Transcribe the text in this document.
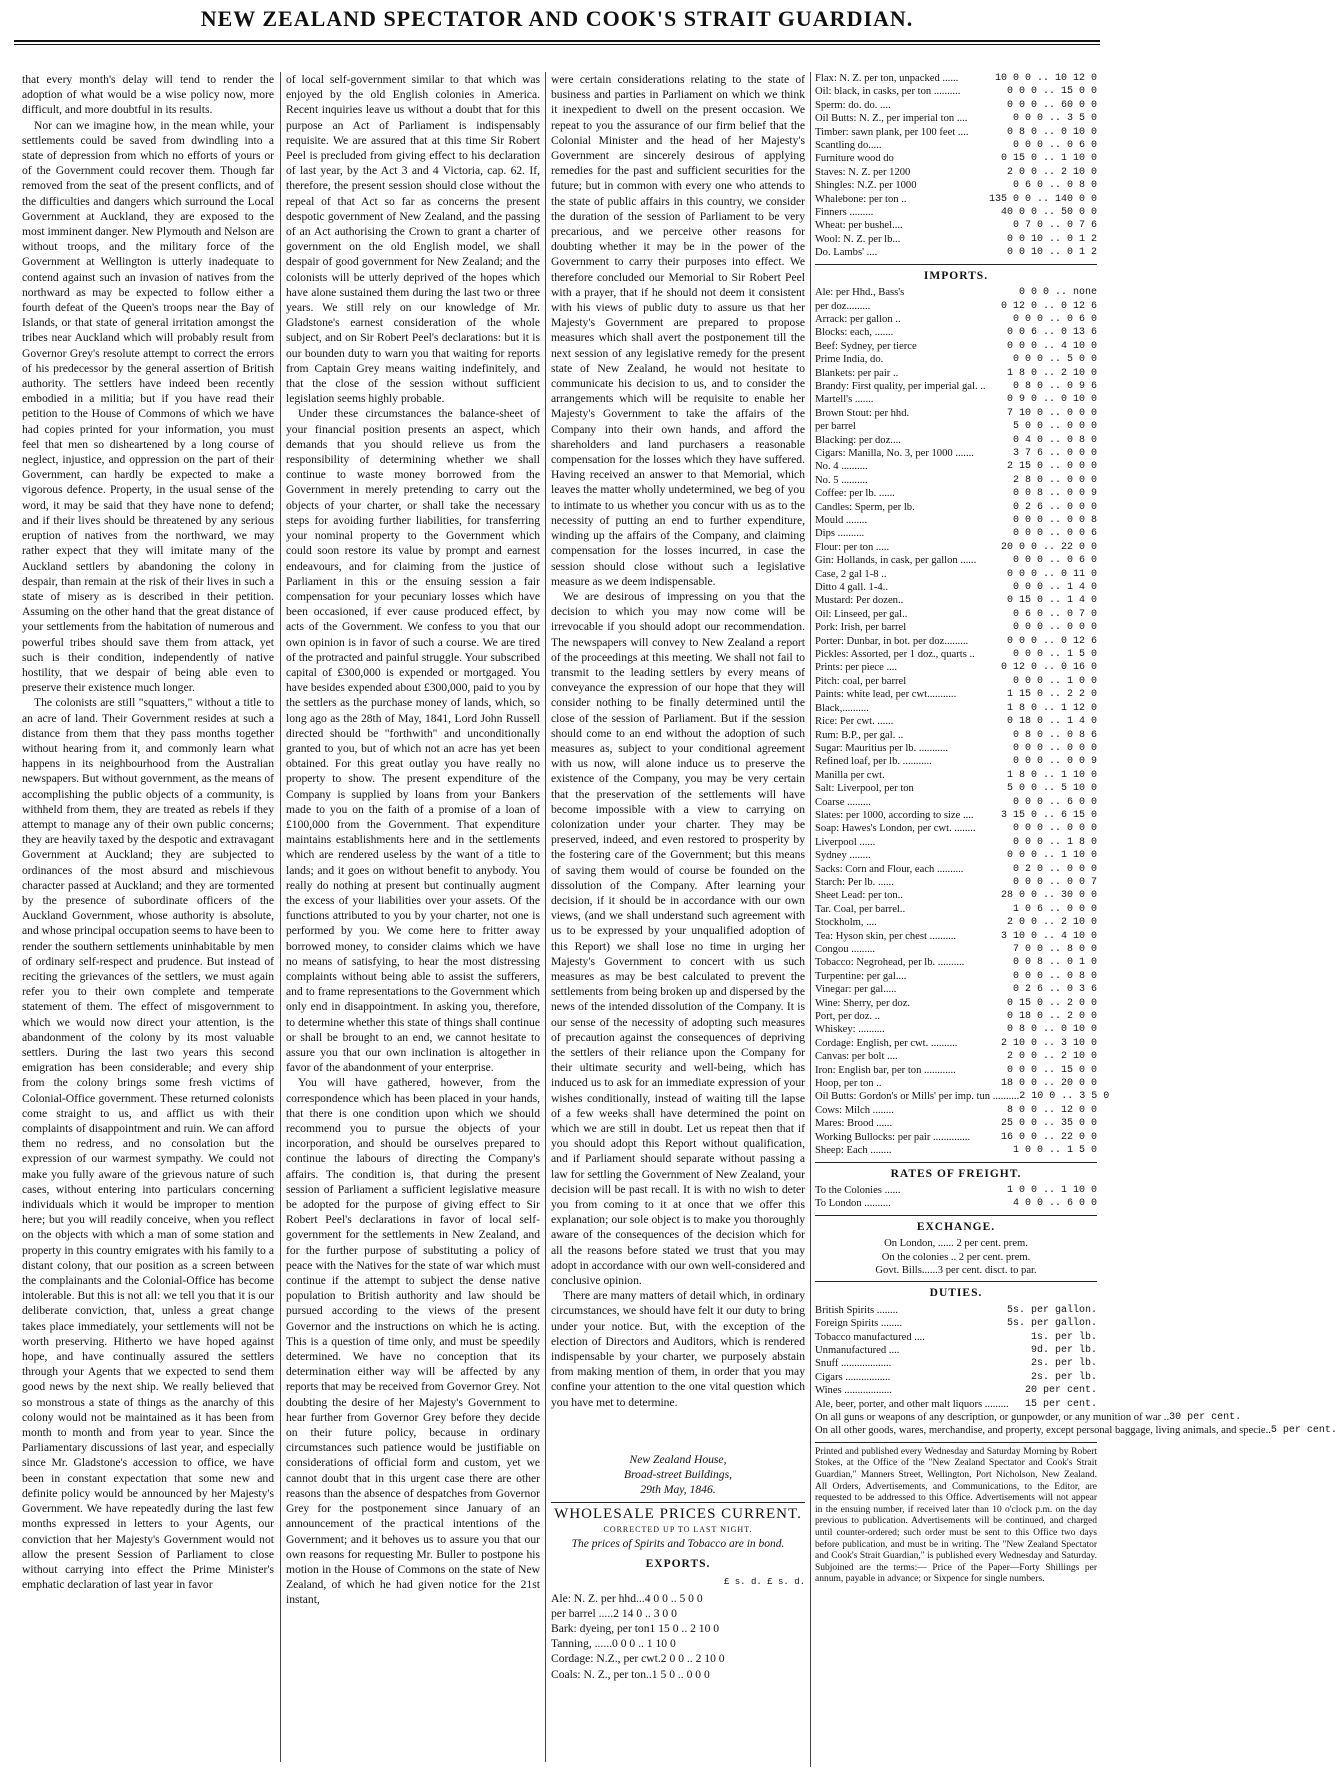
NEW ZEALAND SPECTATOR AND COOK'S STRAIT GUARDIAN.

that every month's delay will tend to render the adoption of what would be a wise policy now, more difficult, and more doubtful in its results.

Nor can we imagine how, in the mean while, your settlements could be saved from dwindling into a state of depression from which no efforts of yours or of the Government could recover them. Though far removed from the seat of the present conflicts, and of the difficulties and dangers which surround the Local Government at Auckland, they are exposed to the most imminent danger. New Plymouth and Nelson are without troops, and the military force of the Government at Wellington is utterly inadequate to contend against such an invasion of natives from the northward as may be expected to follow either a fourth defeat of the Queen's troops near the Bay of Islands, or that state of general irritation amongst the tribes near Auckland which will probably result from Governor Grey's resolute attempt to correct the errors of his predecessor by the general assertion of British authority. The settlers have indeed been recently embodied in a militia; but if you have read their petition to the House of Commons of which we have had copies printed for your information, you must feel that men so disheartened by a long course of neglect, injustice, and oppression on the part of their Government, can hardly be expected to make a vigorous defence. Property, in the usual sense of the word, it may be said that they have none to defend; and if their lives should be threatened by any serious eruption of natives from the northward, we may rather expect that they will imitate many of the Auckland settlers by abandoning the colony in despair, than remain at the risk of their lives in such a state of misery as is described in their petition. Assuming on the other hand that the great distance of your settlements from the habitation of numerous and powerful tribes should save them from attack, yet such is their condition, independently of native hostility, that we despair of being able even to preserve their existence much longer.

The colonists are still "squatters," without a title to an acre of land. Their Government resides at such a distance from them that they pass months together without hearing from it, and commonly learn what happens in its neighbourhood from the Australian newspapers. But without government, as the means of accomplishing the public objects of a community, is withheld from them, they are treated as rebels if they attempt to manage any of their own public concerns; they are heavily taxed by the despotic and extravagant Government at Auckland; they are subjected to ordinances of the most absurd and mischievous character passed at Auckland; and they are tormented by the presence of subordinate officers of the Auckland Government, whose authority is absolute, and whose principal occupation seems to have been to render the southern settlements uninhabitable by men of ordinary self-respect and prudence. But instead of reciting the grievances of the settlers, we must again refer you to their own complete and temperate statement of them. The effect of misgovernment to which we would now direct your attention, is the abandonment of the colony by its most valuable settlers. During the last two years this second emigration has been considerable; and every ship from the colony brings some fresh victims of Colonial-Office government. These returned colonists come straight to us, and afflict us with their complaints of disappointment and ruin. We can afford them no redress, and no consolation but the expression of our warmest sympathy. We could not make you fully aware of the grievous nature of such cases, without entering into particulars concerning individuals which it would be improper to mention here; but you will readily conceive, when you reflect on the objects with which a man of some station and property in this country emigrates with his family to a distant colony, that our position as a screen between the complainants and the Colonial-Office has become intolerable. But this is not all: we tell you that it is our deliberate conviction, that, unless a great change takes place immediately, your settlements will not be worth preserving. Hitherto we have hoped against hope, and have continually assured the settlers through your Agents that we expected to send them good news by the next ship. We really believed that so monstrous a state of things as the anarchy of this colony would not be maintained as it has been from month to month and from year to year. Since the Parliamentary discussions of last year, and especially since Mr. Gladstone's accession to office, we have been in constant expectation that some new and definite policy would be announced by her Majesty's Government. We have repeatedly during the last few months expressed in letters to your Agents, our conviction that her Majesty's Government would not allow the present Session of Parliament to close without carrying into effect the Prime Minister's emphatic declaration of last year in favor

of local self-government similar to that which was enjoyed by the old English colonies in America. Recent inquiries leave us without a doubt that for this purpose an Act of Parliament is indispensably requisite. We are assured that at this time Sir Robert Peel is precluded from giving effect to his declaration of last year, by the Act 3 and 4 Victoria, cap. 62. If, therefore, the present session should close without the repeal of that Act so far as concerns the present despotic government of New Zealand, and the passing of an Act authorising the Crown to grant a charter of government on the old English model, we shall despair of good government for New Zealand; and the colonists will be utterly deprived of the hopes which have alone sustained them during the last two or three years. We still rely on our knowledge of Mr. Gladstone's earnest consideration of the whole subject, and on Sir Robert Peel's declarations: but it is our bounden duty to warn you that waiting for reports from Captain Grey means waiting indefinitely, and that the close of the session without sufficient legislation seems highly probable.

Under these circumstances the balance-sheet of your financial position presents an aspect, which demands that you should relieve us from the responsibility of determining whether we shall continue to waste money borrowed from the Government in merely pretending to carry out the objects of your charter, or shall take the necessary steps for avoiding further liabilities, for transferring your nominal property to the Government which could soon restore its value by prompt and earnest endeavours, and for claiming from the justice of Parliament in this or the ensuing session a fair compensation for your pecuniary losses which have been occasioned, if ever cause produced effect, by acts of the Government. We confess to you that our own opinion is in favor of such a course. We are tired of the protracted and painful struggle. Your subscribed capital of £300,000 is expended or mortgaged. You have besides expended about £300,000, paid to you by the settlers as the purchase money of lands, which, so long ago as the 28th of May, 1841, Lord John Russell directed should be "forthwith" and unconditionally granted to you, but of which not an acre has yet been obtained. For this great outlay you have really no property to show. The present expenditure of the Company is supplied by loans from your Bankers made to you on the faith of a promise of a loan of £100,000 from the Government. That expenditure maintains establishments here and in the settlements which are rendered useless by the want of a title to lands; and it goes on without benefit to anybody. You really do nothing at present but continually augment the excess of your liabilities over your assets. Of the functions attributed to you by your charter, not one is performed by you. We come here to fritter away borrowed money, to consider claims which we have no means of satisfying, to hear the most distressing complaints without being able to assist the sufferers, and to frame representations to the Government which only end in disappointment. In asking you, therefore, to determine whether this state of things shall continue or shall be brought to an end, we cannot hesitate to assure you that our own inclination is altogether in favor of the abandonment of your enterprise.

You will have gathered, however, from the correspondence which has been placed in your hands, that there is one condition upon which we should recommend you to pursue the objects of your incorporation, and should be ourselves prepared to continue the labours of directing the Company's affairs. The condition is, that during the present session of Parliament a sufficient legislative measure be adopted for the purpose of giving effect to Sir Robert Peel's declarations in favor of local self-government for the settlements in New Zealand, and for the further purpose of substituting a policy of peace with the Natives for the state of war which must continue if the attempt to subject the dense native population to British authority and law should be pursued according to the views of the present Governor and the instructions on which he is acting. This is a question of time only, and must be speedily determined. We have no conception that its determination either way will be affected by any reports that may be received from Governor Grey. Not doubting the desire of her Majesty's Government to hear further from Governor Grey before they decide on their future policy, because in ordinary circumstances such patience would be justifiable on considerations of official form and custom, yet we cannot doubt that in this urgent case there are other reasons than the absence of despatches from Governor Grey for the postponement since January of an announcement of the practical intentions of the Government; and it behoves us to assure you that our own reasons for requesting Mr. Buller to postpone his motion in the House of Commons on the state of New Zealand, of which he had given notice for the 21st instant,

were certain considerations relating to the state of business and parties in Parliament on which we think it inexpedient to dwell on the present occasion. We repeat to you the assurance of our firm belief that the Colonial Minister and the head of her Majesty's Government are sincerely desirous of applying remedies for the past and sufficient securities for the future; but in common with every one who attends to the state of public affairs in this country, we consider the duration of the session of Parliament to be very precarious, and we perceive other reasons for doubting whether it may be in the power of the Government to carry their purposes into effect. We therefore concluded our Memorial to Sir Robert Peel with a prayer, that if he should not deem it consistent with his views of public duty to assure us that her Majesty's Government are prepared to propose measures which shall avert the postponement till the next session of any legislative remedy for the present state of New Zealand, he would not hesitate to communicate his decision to us, and to consider the arrangements which will be requisite to enable her Majesty's Government to take the affairs of the Company into their own hands, and afford the shareholders and land purchasers a reasonable compensation for the losses which they have suffered. Having received an answer to that Memorial, which leaves the matter wholly undetermined, we beg of you to intimate to us whether you concur with us as to the necessity of putting an end to further expenditure, winding up the affairs of the Company, and claiming compensation for the losses incurred, in case the session should close without such a legislative measure as we deem indispensable.

We are desirous of impressing on you that the decision to which you may now come will be irrevocable if you should adopt our recommendation. The newspapers will convey to New Zealand a report of the proceedings at this meeting. We shall not fail to transmit to the leading settlers by every means of conveyance the expression of our hope that they will consider nothing to be finally determined until the close of the session of Parliament. But if the session should come to an end without the adoption of such measures as, subject to your conditional agreement with us now, will alone induce us to preserve the existence of the Company, you may be very certain that the preservation of the settlements will have become impossible with a view to carrying on colonization under your charter. They may be preserved, indeed, and even restored to prosperity by the fostering care of the Government; but this means of saving them would of course be founded on the dissolution of the Company. After learning your decision, if it should be in accordance with our own views, (and we shall understand such agreement with us to be expressed by your unqualified adoption of this Report) we shall lose no time in urging her Majesty's Government to concert with us such measures as may be best calculated to prevent the settlements from being broken up and dispersed by the news of the intended dissolution of the Company. It is our sense of the necessity of adopting such measures of precaution against the consequences of depriving the settlers of their reliance upon the Company for their ultimate security and well-being, which has induced us to ask for an immediate expression of your wishes conditionally, instead of waiting till the lapse of a few weeks shall have determined the point on which we are still in doubt. Let us repeat then that if you should adopt this Report without qualification, and if Parliament should separate without passing a law for settling the Government of New Zealand, your decision will be past recall. It is with no wish to deter you from coming to it at once that we offer this explanation; our sole object is to make you thoroughly aware of the consequences of the decision which for all the reasons before stated we trust that you may adopt in accordance with our own well-considered and conclusive opinion.

There are many matters of detail which, in ordinary circumstances, we should have felt it our duty to bring under your notice. But, with the exception of the election of Directors and Auditors, which is rendered indispensable by your charter, we purposely abstain from making mention of them, in order that you may confine your attention to the one vital question which you have met to determine.

New Zealand House,

Broad-street Buildings,

29th May, 1846.

WHOLESALE PRICES CURRENT.
CORRECTED UP TO LAST NIGHT.
The prices of Spirits and Tobacco are in bond.
EXPORTS.
£ s. d. £ s. d.
Ale: N. Z. per hhd...4 0 0 .. 5 0 0
per barrel .....2 14 0 .. 3 0 0
Bark: dyeing, per ton1 15 0 .. 2 10 0
Tanning, ......0 0 0 .. 1 10 0
Cordage: N.Z., per cwt.2 0 0 .. 2 10 0
Coals: N. Z., per ton..1 5 0 .. 0 0 0
Flax: N. Z. per ton, unpacked ......	10 0 0 .. 10 12 0
Oil: black, in casks, per ton ..........	0 0 0 .. 15 0 0
Sperm: do. do. ....	0 0 0 .. 60 0 0
Oil Butts: N. Z., per imperial ton ....	0 0 0 .. 3 5 0
Timber: sawn plank, per 100 feet ....	0 8 0 .. 0 10 0
Scantling do.....	0 0 0 .. 0 6 0
Furniture wood do	0 15 0 .. 1 10 0
Staves: N. Z. per 1200	2 0 0 .. 2 10 0
Shingles: N.Z. per 1000	0 6 0 .. 0 8 0
Whalebone: per ton ..	135 0 0 .. 140 0 0
Finners .........	40 0 0 .. 50 0 0
Wheat: per bushel....	0 7 0 .. 0 7 6
Wool: N. Z. per lb...	0 0 10 .. 0 1 2
Do. Lambs' ....	0 0 10 .. 0 1 2
IMPORTS.
Ale: per Hhd., Bass's	0 0 0 .. none
per doz.........	0 12 0 .. 0 12 6
Arrack: per gallon ..	0 0 0 .. 0 6 0
Blocks: each, .......	0 0 6 .. 0 13 6
Beef: Sydney, per tierce	0 0 0 .. 4 10 0
Prime India, do.	0 0 0 .. 5 0 0
Blankets: per pair ..	1 8 0 .. 2 10 0
Brandy: First quality, per imperial gal. ..	0 8 0 .. 0 9 6
Martell's .......	0 9 0 .. 0 10 0
Brown Stout: per hhd.	7 10 0 .. 0 0 0
per barrel	5 0 0 .. 0 0 0
Blacking: per doz....	0 4 0 .. 0 8 0
Cigars: Manilla, No. 3, per 1000 .......	3 7 6 .. 0 0 0
No. 4 ..........	2 15 0 .. 0 0 0
No. 5 ..........	2 8 0 .. 0 0 0
Coffee: per lb. ......	0 0 8 .. 0 0 9
Candles: Sperm, per lb.	0 2 6 .. 0 0 0
Mould ........	0 0 0 .. 0 0 8
Dips ..........	0 0 0 .. 0 0 6
Flour: per ton .....	20 0 0 .. 22 0 0
Gin: Hollands, in cask, per gallon ......	0 0 0 .. 0 6 0
Case, 2 gal 1-8 ..	0 0 0 .. 0 11 0
Ditto 4 gall. 1-4..	0 0 0 .. 1 4 0
Mustard: Per dozen..	0 15 0 .. 1 4 0
Oil: Linseed, per gal..	0 6 0 .. 0 7 0
Pork: Irish, per barrel	0 0 0 .. 0 0 0
Porter: Dunbar, in bot. per doz.........	0 0 0 .. 0 12 6
Pickles: Assorted, per 1 doz., quarts ..	0 0 0 .. 1 5 0
Prints: per piece ....	0 12 0 .. 0 16 0
Pitch: coal, per barrel	0 0 0 .. 1 0 0
Paints: white lead, per cwt...........	1 15 0 .. 2 2 0
Black,..........	1 8 0 .. 1 12 0
Rice: Per cwt. ......	0 18 0 .. 1 4 0
Rum: B.P., per gal. ..	0 8 0 .. 0 8 6
Sugar: Mauritius per lb. ...........	0 0 0 .. 0 0 0
Refined loaf, per lb. ...........	0 0 0 .. 0 0 9
Manilla per cwt.	1 8 0 .. 1 10 0
Salt: Liverpool, per ton	5 0 0 .. 5 10 0
Coarse .........	0 0 0 .. 6 0 0
Slates: per 1000, according to size ....	3 15 0 .. 6 15 0
Soap: Hawes's London, per cwt. ........	0 0 0 .. 0 0 0
Liverpool ......	0 0 0 .. 1 8 0
Sydney ........	0 0 0 .. 1 10 0
Sacks: Corn and Flour, each ..........	0 2 0 .. 0 0 0
Starch: Per lb. ......	0 0 0 .. 0 0 7
Sheet Lead: per ton..	28 0 0 .. 30 0 0
Tar. Coal, per barrel..	1 0 6 .. 0 0 0
Stockholm, ....	2 0 0 .. 2 10 0
Tea: Hyson skin, per chest ..........	3 10 0 .. 4 10 0
Congou .........	7 0 0 .. 8 0 0
Tobacco: Negrohead, per lb. ..........	0 0 8 .. 0 1 0
Turpentine: per gal....	0 0 0 .. 0 8 0
Vinegar: per gal.....	0 2 6 .. 0 3 6
Wine: Sherry, per doz.	0 15 0 .. 2 0 0
Port, per doz. ..	0 18 0 .. 2 0 0
Whiskey: ..........	0 8 0 .. 0 10 0
Cordage: English, per cwt. ..........	2 10 0 .. 3 10 0
Canvas: per bolt ....	2 0 0 .. 2 10 0
Iron: English bar, per ton ............	0 0 0 .. 15 0 0
Hoop, per ton ..	18 0 0 .. 20 0 0
Oil Butts: Gordon's or Mills' per imp. tun .......... 2 10 0 .. 3 5 0
Cows: Milch ........	8 0 0 .. 12 0 0
Mares: Brood ......	25 0 0 .. 35 0 0
Working Bullocks: per pair ..............	16 0 0 .. 22 0 0
Sheep: Each ........	1 0 0 .. 1 5 0
RATES OF FREIGHT.
To the Colonies ......	1 0 0 .. 1 10 0
To London ..........	4 0 0 .. 6 0 0
EXCHANGE.
On London, ...... 2 per cent. prem.
On the colonies .. 2 per cent. prem.
Govt. Bills......3 per cent. disct. to par.
DUTIES.
British Spirits ........	5s. per gallon.
Foreign Spirits ........	5s. per gallon.
Tobacco manufactured ....	1s. per lb.
Unmanufactured ....	9d. per lb.
Snuff ...................	2s. per lb.
Cigars .................	2s. per lb.
Wines ..................	20 per cent.
Ale, beer, porter, and other malt liquors ......... 15 per cent.
On all guns or weapons of any description, or gunpowder, or any munition of war .. 30 per cent.
On all other goods, wares, merchandise, and property, except personal baggage, living animals, and specie.. 5 per cent.
Printed and published every Wednesday and Saturday Morning by Robert Stokes, at the Office of the "New Zealand Spectator and Cook's Strait Guardian," Manners Street, Wellington, Port Nicholson, New Zealand. All Orders, Advertisements, and Communications, to the Editor, are requested to be addressed to this Office. Advertisements will not appear in the ensuing number, if received later than 10 o'clock p.m. on the day previous to publication. Advertisements will be continued, and charged until counter-ordered; such order must be sent to this Office two days before publication, and must be in writing. The "New Zealand Spectator and Cook's Strait Guardian," is published every Wednesday and Saturday. Subjoined are the terms:— Price of the Paper—Forty Shillings per annum, payable in advance; or Sixpence for single numbers.
